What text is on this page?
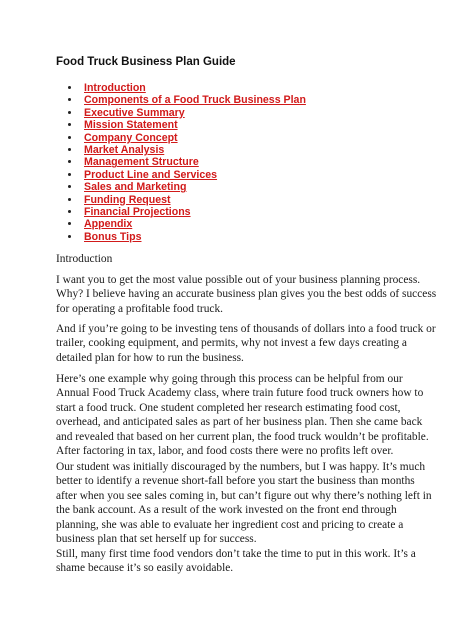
Food Truck Business Plan Guide
Introduction
Components of a Food Truck Business Plan
Executive Summary
Mission Statement
Company Concept
Market Analysis
Management Structure
Product Line and Services
Sales and Marketing
Funding Request
Financial Projections
Appendix
Bonus Tips
Introduction

I want you to get the most value possible out of your business planning process.
Why? I believe having an accurate business plan gives you the best odds of success
for operating a profitable food truck.

And if you’re going to be investing tens of thousands of dollars into a food truck or
trailer, cooking equipment, and permits, why not invest a few days creating a
detailed plan for how to run the business.

Here’s one example why going through this process can be helpful from our
Annual Food Truck Academy class, where train future food truck owners how to
start a food truck. One student completed her research estimating food cost,
overhead, and anticipated sales as part of her business plan. Then she came back
and revealed that based on her current plan, the food truck wouldn’t be profitable.
After factoring in tax, labor, and food costs there were no profits left over.

Our student was initially discouraged by the numbers, but I was happy. It’s much
better to identify a revenue short-fall before you start the business than months
after when you see sales coming in, but can’t figure out why there’s nothing left in
the bank account. As a result of the work invested on the front end through
planning, she was able to evaluate her ingredient cost and pricing to create a
business plan that set herself up for success.

Still, many first time food vendors don’t take the time to put in this work. It’s a
shame because it’s so easily avoidable.
